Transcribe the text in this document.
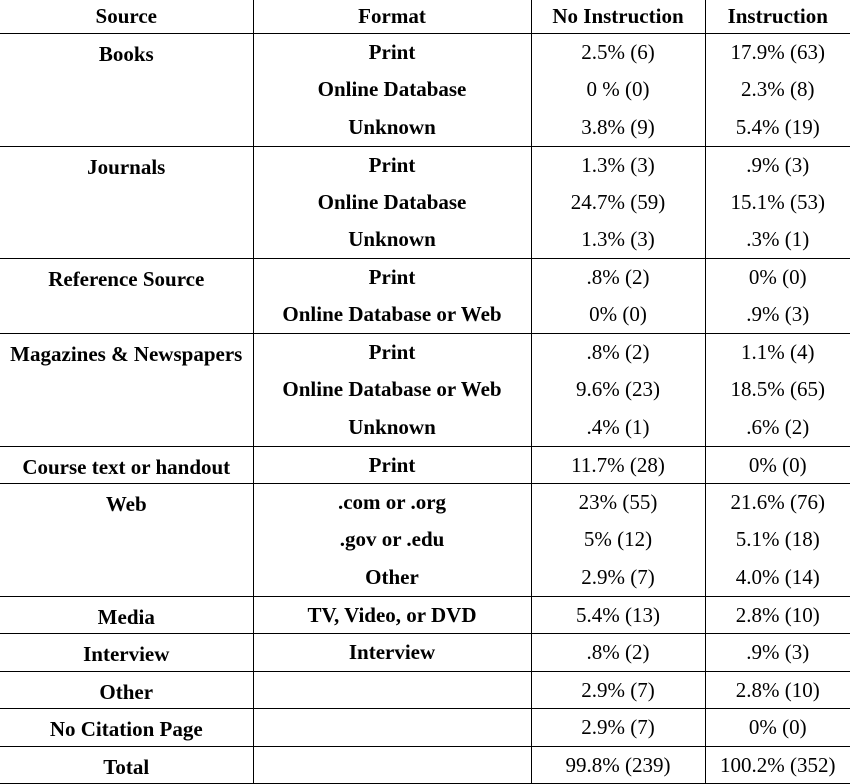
Source	Format	No Instruction	Instruction

Books	Print	2.5% (6)	17.9% (63)
	Online Database	0 % (0)	2.3% (8)
	Unknown	3.8% (9)	5.4% (19)

Journals	Print	1.3% (3)	.9% (3)
	Online Database	24.7% (59)	15.1% (53)
	Unknown	1.3% (3)	.3% (1)

Reference Source	Print	.8% (2)	0% (0)
	Online Database or Web	0% (0)	.9% (3)

Magazines & Newspapers	Print	.8% (2)	1.1% (4)
	Online Database or Web	9.6% (23)	18.5% (65)
	Unknown	.4% (1)	.6% (2)

Course text or handout	Print	11.7% (28)	0% (0)

Web	.com or .org	23% (55)	21.6% (76)
	.gov or .edu	5% (12)	5.1% (18)
	Other	2.9% (7)	4.0% (14)

Media	TV, Video, or DVD	5.4% (13)	2.8% (10)

Interview	Interview	.8% (2)	.9% (3)

Other		2.9% (7)	2.8% (10)

No Citation Page		2.9% (7)	0% (0)

Total		99.8% (239)	100.2% (352)
